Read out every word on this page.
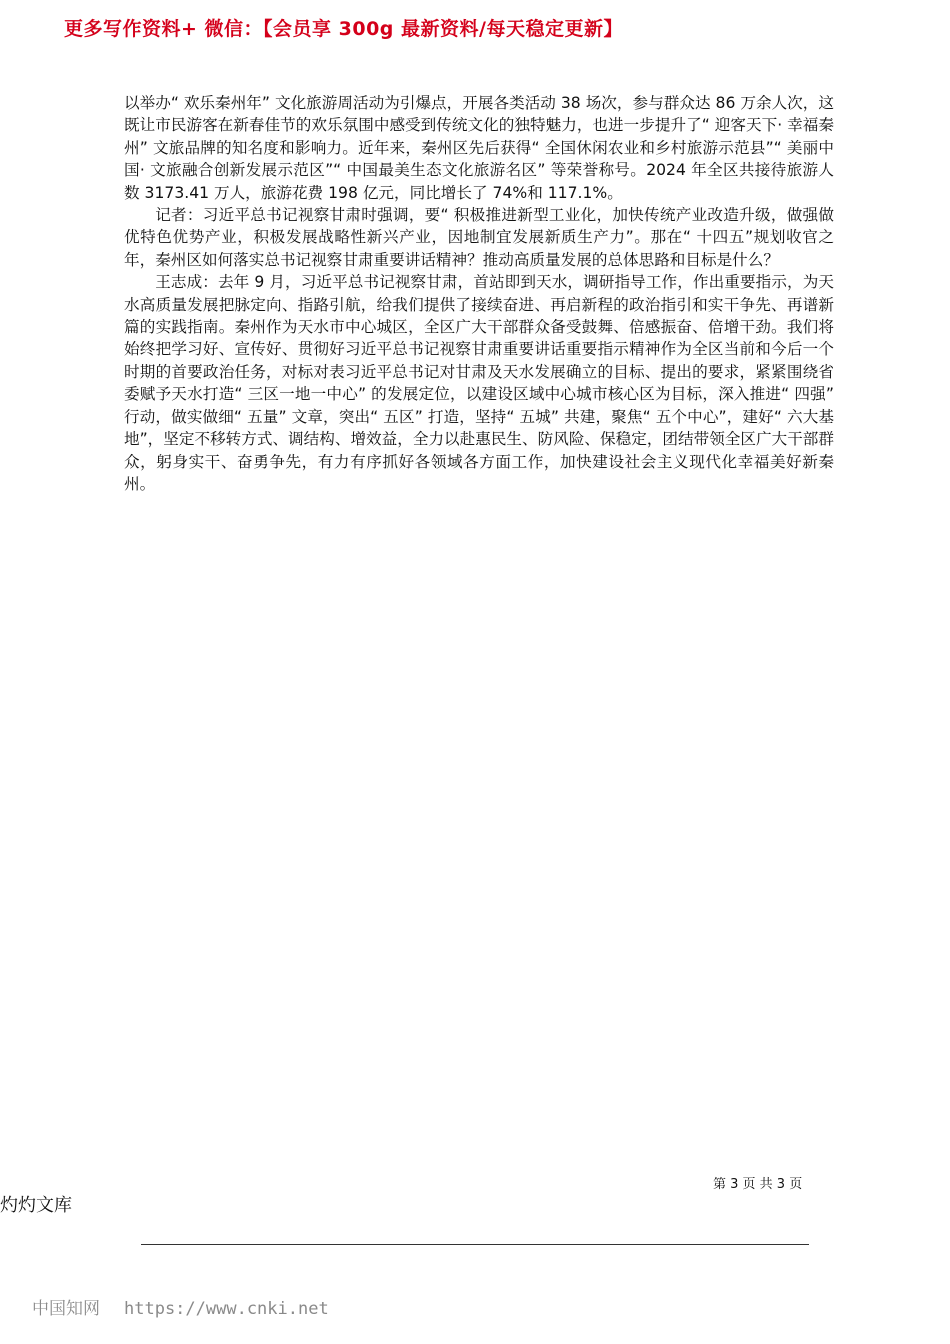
更多写作资料+ 微信：【会员享 300g 最新资料/每天稳定更新】

以举办“ 欢乐秦州年” 文化旅游周活动为引爆点，开展各类活动 38 场次，参与群众达 86 万余人次，这既让市民游客在新春佳节的欢乐氛围中感受到传统文化的独特魅力，也进一步提升了“ 迎客天下· 幸福秦州” 文旅品牌的知名度和影响力。近年来，秦州区先后获得“ 全国休闲农业和乡村旅游示范县”“ 美丽中国· 文旅融合创新发展示范区”“ 中国最美生态文化旅游名区” 等荣誉称号。2024 年全区共接待旅游人数 3173.41 万人，旅游花费 198 亿元，同比增长了 74%和 117.1%。

记者：习近平总书记视察甘肃时强调，要“ 积极推进新型工业化，加快传统产业改造升级，做强做优特色优势产业，积极发展战略性新兴产业，因地制宜发展新质生产力”。那在“ 十四五”规划收官之年，秦州区如何落实总书记视察甘肃重要讲话精神？推动高质量发展的总体思路和目标是什么？

王志成：去年 9 月，习近平总书记视察甘肃，首站即到天水，调研指导工作，作出重要指示，为天水高质量发展把脉定向、指路引航，给我们提供了接续奋进、再启新程的政治指引和实干争先、再谱新篇的实践指南。秦州作为天水市中心城区，全区广大干部群众备受鼓舞、倍感振奋、倍增干劲。我们将始终把学习好、宣传好、贯彻好习近平总书记视察甘肃重要讲话重要指示精神作为全区当前和今后一个时期的首要政治任务，对标对表习近平总书记对甘肃及天水发展确立的目标、提出的要求，紧紧围绕省委赋予天水打造“ 三区一地一中心” 的发展定位，以建设区域中心城市核心区为目标，深入推进“ 四强” 行动，做实做细“ 五量” 文章，突出“ 五区” 打造，坚持“ 五城” 共建，聚焦“ 五个中心”，建好“ 六大基地”，坚定不移转方式、调结构、增效益，全力以赴惠民生、防风险、保稳定，团结带领全区广大干部群众，躬身实干、奋勇争先，有力有序抓好各领域各方面工作，加快建设社会主义现代化幸福美好新秦州。

第 3 页 共 3 页
灼灼文库
中国知网 https://www.cnki.net
